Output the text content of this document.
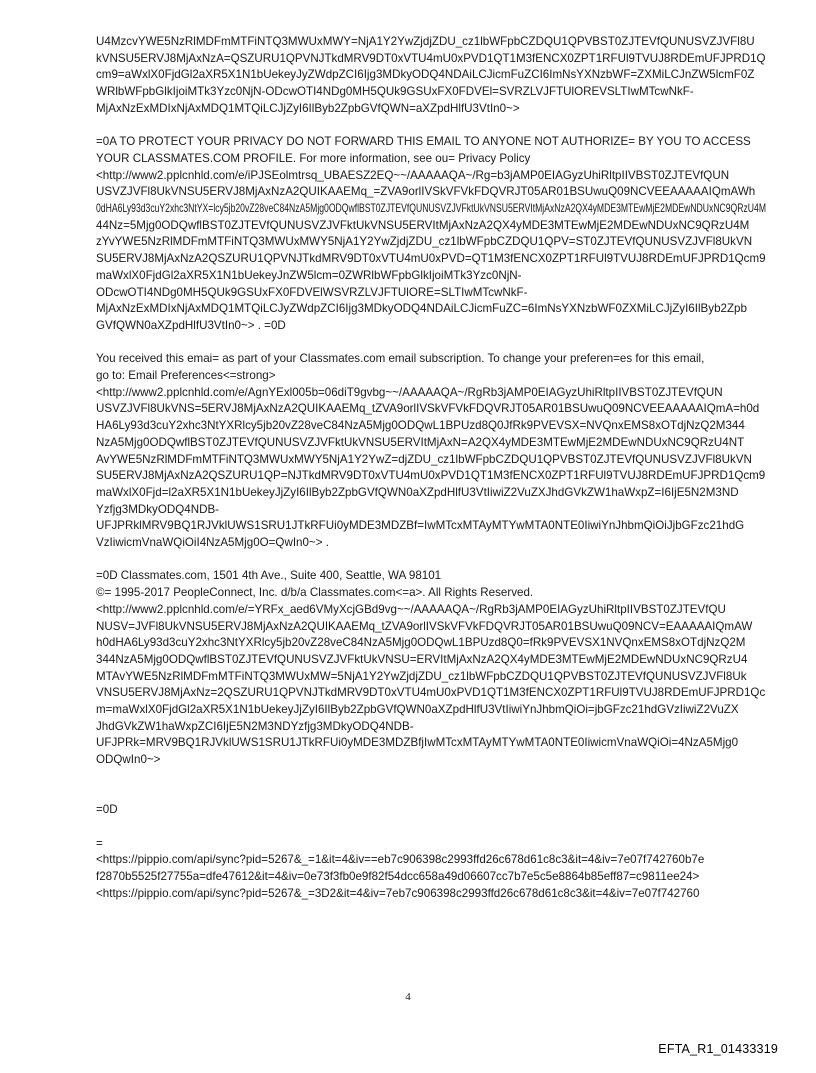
U4MzcvYWE5NzRlMDFmMTFiNTQ3MWUxMWY=NjA1Y2YwZjdjZDU_cz1lbWFpbCZDQU1QPVBST0ZJTEVfQUNUSVZJVFl8U
kVNSU5ERVJ8MjAxNzA=QSZURU1QPVNJTkdMRV9DT0xVTU4mU0xPVD1QT1M3fENCX0ZPT1RFUl9TVUJ8RDEmUFJPRD1Q

cm9=aWxlX0FjdGl2aXR5X1N1bUekeyJyZWdpZCI6Ijg3MDkyODQ4NDAiLCJicmFuZCI6ImNsYXNzbWF=ZXMiLCJnZW5lcmF0Z
WRlbWFpbGlkIjoiMTk3Yzc0NjN-ODcwOTI4NDg0MH5QUk9GSUxFX0FDVEl=SVRZLVJFTUlOREVSLTIwMTcwNkF-
MjAxNzExMDIxNjAxMDQ1MTQiLCJjZyI6IlByb2ZpbGVfQWN=aXZpdHlfU3VtIn0~>
=0A TO PROTECT YOUR PRIVACY DO NOT FORWARD THIS EMAIL TO ANYONE NOT AUTHORIZE= BY YOU TO ACCESS
YOUR CLASSMATES.COM PROFILE. For more information, see ou= Privacy Policy
<http://www2.pplcnhld.com/e/iPJSEolmtrsq_UBAESZ2EQ~~/AAAAAQA~/Rg=b3jAMP0EIAGyzUhiRltpIIVBST0ZJTEVfQUN
USVZJVFl8UkVNSU5ERVJ8MjAxNzA2QUIKAAEMq_=ZVA9orlIVSkVFVkFDQVRJT05AR01BSUwuQ09NCVEEAAAAAIQmAWh
0dHA6Ly93d3cuY2xhc3NtYX=lcy5jb20vZ28veC84NzA5Mjg0ODQwflBST0ZJTEVfQUNUSVZJVFktUkVNSU5ERVItMjAxNzA2QX4yMDE3MTEwMjE2MDEwNDUxNC9QRzU4M

44Nz=5Mjg0ODQwflBST0ZJTEVfQUNUSVZJVFktUkVNSU5ERVItMjAxNzA2QX4yMDE3MTEwMjE2MDEwNDUxNC9QRzU4M
zYvYWE5NzRlMDFmMTFiNTQ3MWUxMWY5NjA1Y2YwZjdjZDU_cz1lbWFpbCZDQU1QPV=ST0ZJTEVfQUNUSVZJVFl8UkVN
SU5ERVJ8MjAxNzA2QSZURU1QPVNJTkdMRV9DT0xVTU4mU0xPVD=QT1M3fENCX0ZPT1RFUl9TVUJ8RDEmUFJPRD1Qcm9

maWxlX0FjdGl2aXR5X1N1bUekeyJnZW5lcm=0ZWRlbWFpbGlkIjoiMTk3Yzc0NjN-
ODcwOTI4NDg0MH5QUk9GSUxFX0FDVElWSVRZLVJFTUlORE=SLTIwMTcwNkF-
MjAxNzExMDIxNjAxMDQ1MTQiLCJyZWdpZCI6Ijg3MDkyODQ4NDAiLCJicmFuZC=6ImNsYXNzbWF0ZXMiLCJjZyI6IlByb2Zpb
GVfQWN0aXZpdHlfU3VtIn0~> . =0D
You received this emai= as part of your Classmates.com email subscription. To change your preferen=es for this email,
go to: Email Preferences<=strong>
<http://www2.pplcnhld.com/e/AgnYExl005b=06diT9gvbg~~/AAAAAQA~/RgRb3jAMP0EIAGyzUhiRltpIIVBST0ZJTEVfQUN
USVZJVFl8UkVNS=5ERVJ8MjAxNzA2QUIKAAEMq_tZVA9orlIVSkVFVkFDQVRJT05AR01BSUwuQ09NCVEEAAAAAIQmA=h0d
HA6Ly93d3cuY2xhc3NtYXRlcy5jb20vZ28veC84NzA5Mjg0ODQwL1BPUzd8Q0JfRk9PVEVSX=NVQnxEMS8xOTdjNzQ2M344
NzA5Mjg0ODQwflBST0ZJTEVfQUNUSVZJVFktUkVNSU5ERVItMjAxN=A2QX4yMDE3MTEwMjE2MDEwNDUxNC9QRzU4NT
AvYWE5NzRlMDFmMTFiNTQ3MWUxMWY5NjA1Y2YwZ=djZDU_cz1lbWFpbCZDQU1QPVBST0ZJTEVfQUNUSVZJVFl8UkVN
SU5ERVJ8MjAxNzA2QSZURU1QP=NJTkdMRV9DT0xVTU4mU0xPVD1QT1M3fENCX0ZPT1RFUl9TVUJ8RDEmUFJPRD1Qcm9
maWxlX0Fjd=l2aXR5X1N1bUekeyJjZyI6IlByb2ZpbGVfQWN0aXZpdHlfU3VtIiwiZ2VuZXJhdGVkZW1haWxpZ=I6IjE5N2M3ND
Yzfjg3MDkyODQ4NDB-
UFJPRklMRV9BQ1RJVklUWS1SRU1JTkRFUi0yMDE3MDZBf=IwMTcxMTAyMTYwMTA0NTE0IiwiYnJhbmQiOiJjbGFzc21hdG
VzIiwicmVnaWQiOiI4NzA5Mjg0O=QwIn0~> .
=0D Classmates.com, 1501 4th Ave., Suite 400, Seattle, WA 98101
©= 1995-2017 PeopleConnect, Inc. d/b/a Classmates.com<=a>. All Rights Reserved.
<http://www2.pplcnhld.com/e/=YRFx_aed6VMyXcjGBd9vg~~/AAAAAQA~/RgRb3jAMP0EIAGyzUhiRltpIIVBST0ZJTEVfQU
NUSV=JVFl8UkVNSU5ERVJ8MjAxNzA2QUIKAAEMq_tZVA9orlIVSkVFVkFDQVRJT05AR01BSUwuQ09NCV=EAAAAAIQmAW
h0dHA6Ly93d3cuY2xhc3NtYXRlcy5jb20vZ28veC84NzA5Mjg0ODQwL1BPUzd8Q0=fRk9PVEVSX1NVQnxEMS8xOTdjNzQ2M
344NzA5Mjg0ODQwflBST0ZJTEVfQUNUSVZJVFktUkVNSU=ERVItMjAxNzA2QX4yMDE3MTEwMjE2MDEwNDUxNC9QRzU4
MTAvYWE5NzRlMDFmMTFiNTQ3MWUxMW=5NjA1Y2YwZjdjZDU_cz1lbWFpbCZDQU1QPVBST0ZJTEVfQUNUSVZJVFl8Uk
VNSU5ERVJ8MjAxNz=2QSZURU1QPVNJTkdMRV9DT0xVTU4mU0xPVD1QT1M3fENCX0ZPT1RFUl9TVUJ8RDEmUFJPRD1Qc
m=maWxlX0FjdGl2aXR5X1N1bUekeyJjZyI6IlByb2ZpbGVfQWN0aXZpdHlfU3VtIiwiYnJhbmQiOi=jbGFzc21hdGVzIiwiZ2VuZX
JhdGVkZW1haWxpZCI6IjE5N2M3NDYzfjg3MDkyODQ4NDB-
UFJPRk=MRV9BQ1RJVklUWS1SRU1JTkRFUi0yMDE3MDZBfjIwMTcxMTAyMTYwMTA0NTE0IiwicmVnaWQiOi=4NzA5Mjg0
ODQwIn0~>
=0D
=
<https://pippio.com/api/sync?pid=5267&_=1&it=4&iv==eb7c906398c2993ffd26c678d61c8c3&it=4&iv=7e07f742760b7e
f2870b5525f27755a=dfe47612&it=4&iv=0e73f3fb0e9f82f54dcc658a49d06607cc7b7e5c5e8864b85eff87=c9811ee24>
<https://pippio.com/api/sync?pid=5267&_=3D2&it=4&iv=7eb7c906398c2993ffd26c678d61c8c3&it=4&iv=7e07f742760
4
EFTA_R1_01433319
